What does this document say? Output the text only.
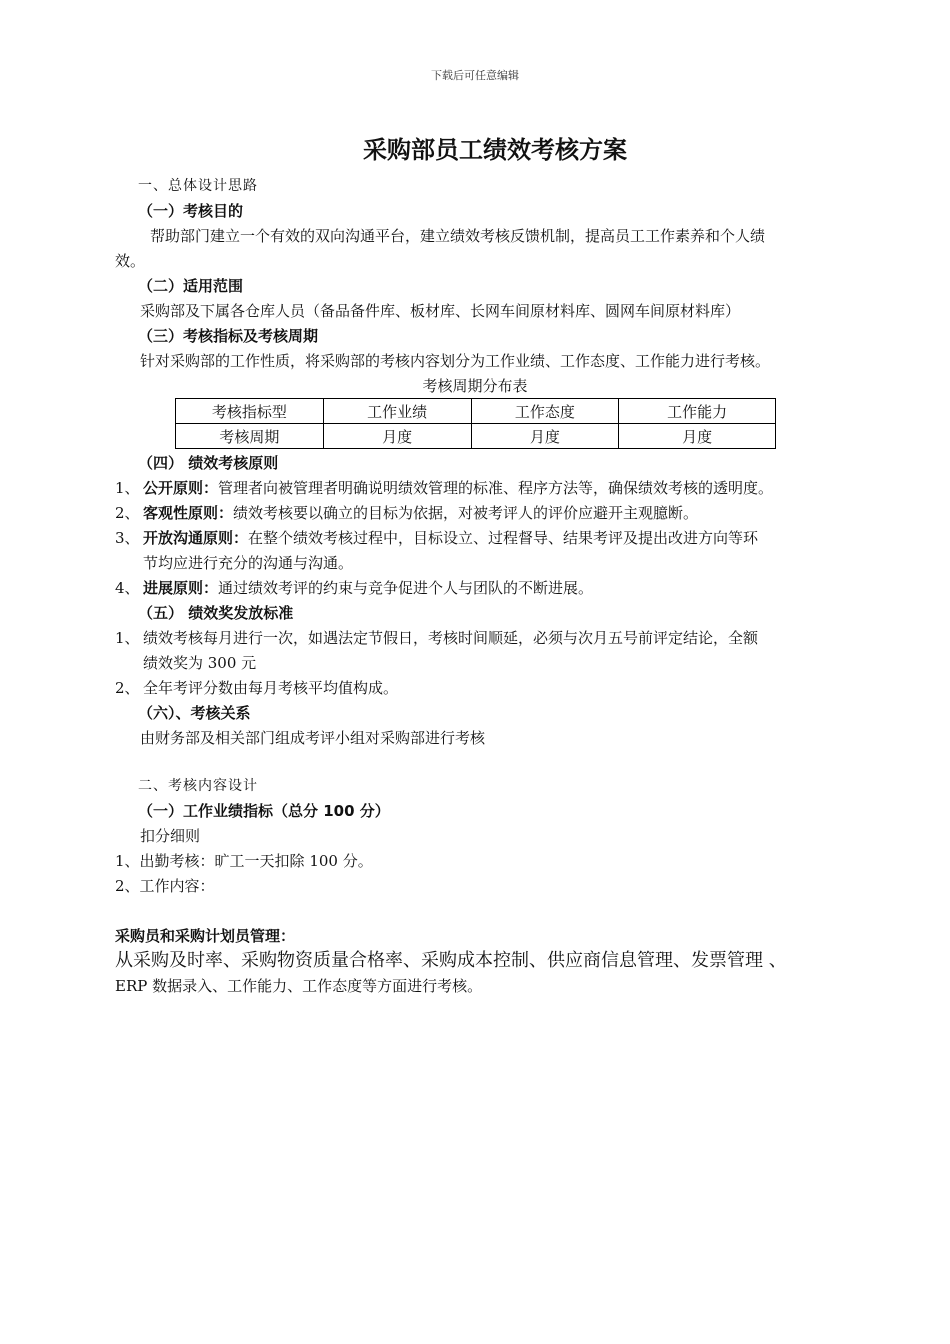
下载后可任意编辑
采购部员工绩效考核方案
一、总体设计思路
（一）考核目的
帮助部门建立一个有效的双向沟通平台，建立绩效考核反馈机制，提高员工工作素养和个人绩
效。
（二）适用范围
采购部及下属各仓库人员（备品备件库、板材库、长网车间原材料库、圆网车间原材料库）
（三）考核指标及考核周期
针对采购部的工作性质，将采购部的考核内容划分为工作业绩、工作态度、工作能力进行考核。
考核周期分布表
考核指标型	工作业绩	工作态度	工作能力
考核周期	月度	月度	月度
（四） 绩效考核原则
1、 公开原则：管理者向被管理者明确说明绩效管理的标准、程序方法等，确保绩效考核的透明度。
2、 客观性原则：绩效考核要以确立的目标为依据，对被考评人的评价应避开主观臆断。
3、 开放沟通原则：在整个绩效考核过程中，目标设立、过程督导、结果考评及提出改进方向等环
节均应进行充分的沟通与沟通。
4、 进展原则：通过绩效考评的约束与竞争促进个人与团队的不断进展。
（五） 绩效奖发放标准
1、 绩效考核每月进行一次，如遇法定节假日，考核时间顺延，必须与次月五号前评定结论，全额
绩效奖为 300 元
2、 全年考评分数由每月考核平均值构成。
（六）、考核关系
由财务部及相关部门组成考评小组对采购部进行考核
二、考核内容设计
（一）工作业绩指标（总分 100 分）
扣分细则
1、出勤考核：旷工一天扣除 100 分。
2、工作内容：
采购员和采购计划员管理：
从采购及时率、采购物资质量合格率、采购成本控制、供应商信息管理、发票管理 、
ERP 数据录入、工作能力、工作态度等方面进行考核。
